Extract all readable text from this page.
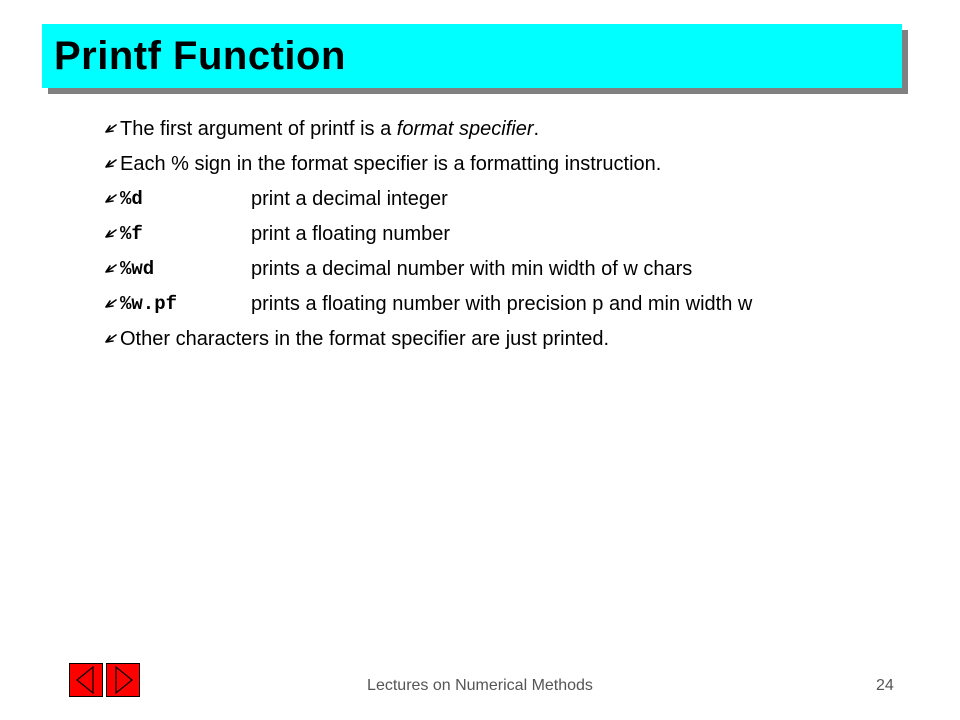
Printf Function
The first argument of printf is a format specifier.
Each % sign in the format specifier is a formatting instruction.
%d	print a decimal integer
%f	print a floating number
%wd	prints a decimal number with min width of w chars
%w.pf	prints a floating number with precision p and min width w
Other characters in the format specifier are just printed.
Lectures on Numerical Methods	24
